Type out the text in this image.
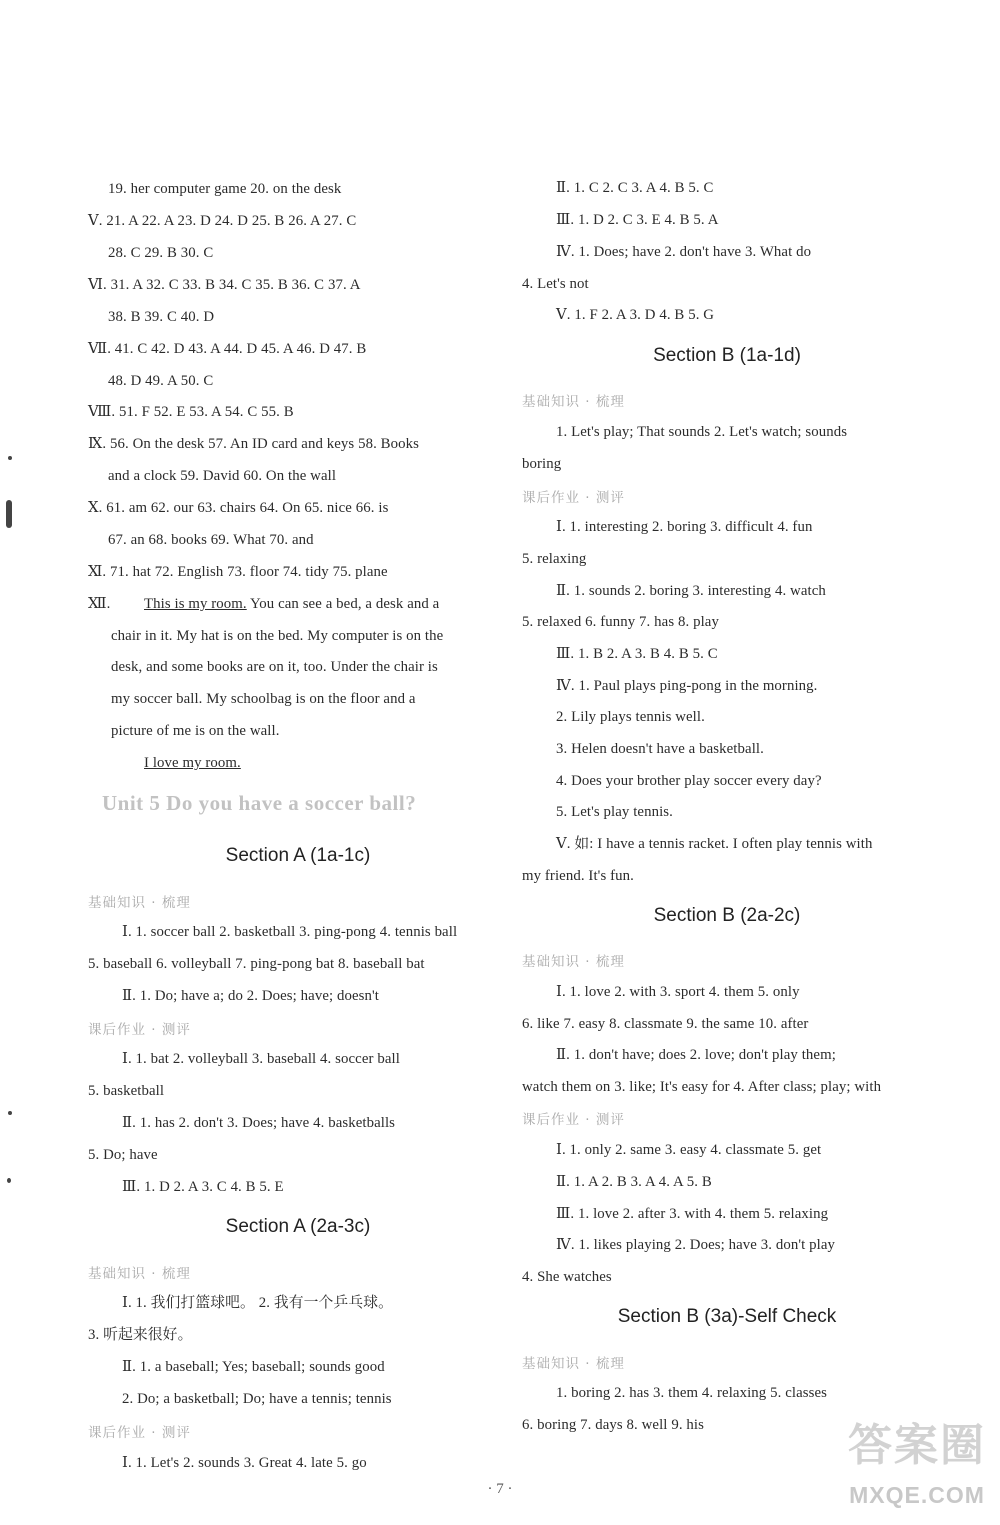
19. her computer game 20. on the desk
Ⅴ. 21. A 22. A 23. D 24. D 25. B 26. A 27. C
28. C 29. B 30. C
Ⅵ. 31. A 32. C 33. B 34. C 35. B 36. C 37. A
38. B 39. C 40. D
Ⅶ. 41. C 42. D 43. A 44. D 45. A 46. D 47. B
48. D 49. A 50. C
Ⅷ. 51. F 52. E 53. A 54. C 55. B
Ⅸ. 56. On the desk 57. An ID card and keys 58. Books
and a clock 59. David 60. On the wall
Ⅹ. 61. am 62. our 63. chairs 64. On 65. nice 66. is
67. an 68. books 69. What 70. and
Ⅺ. 71. hat 72. English 73. floor 74. tidy 75. plane
Ⅻ. This is my room. You can see a bed, a desk and a
chair in it. My hat is on the bed. My computer is on the
desk, and some books are on it, too. Under the chair is
my soccer ball. My schoolbag is on the floor and a
picture of me is on the wall.
I love my room.
Unit 5 Do you have a soccer ball?
Section A (1a-1c)
基础知识 · 梳理
Ⅰ. 1. soccer ball 2. basketball 3. ping-pong 4. tennis ball
5. baseball 6. volleyball 7. ping-pong bat 8. baseball bat
Ⅱ. 1. Do; have a; do 2. Does; have; doesn't
课后作业 · 测评
Ⅰ. 1. bat 2. volleyball 3. baseball 4. soccer ball
5. basketball
Ⅱ. 1. has 2. don't 3. Does; have 4. basketballs
5. Do; have
Ⅲ. 1. D 2. A 3. C 4. B 5. E
Section A (2a-3c)
基础知识 · 梳理
Ⅰ. 1. 我们打篮球吧。 2. 我有一个乒乓球。
3. 听起来很好。
Ⅱ. 1. a baseball; Yes; baseball; sounds good
2. Do; a basketball; Do; have a tennis; tennis
课后作业 · 测评
Ⅰ. 1. Let's 2. sounds 3. Great 4. late 5. go
Ⅱ. 1. C 2. C 3. A 4. B 5. C
Ⅲ. 1. D 2. C 3. E 4. B 5. A
Ⅳ. 1. Does; have 2. don't have 3. What do
4. Let's not
Ⅴ. 1. F 2. A 3. D 4. B 5. G
Section B (1a-1d)
基础知识 · 梳理
1. Let's play; That sounds 2. Let's watch; sounds
boring
课后作业 · 测评
Ⅰ. 1. interesting 2. boring 3. difficult 4. fun
5. relaxing
Ⅱ. 1. sounds 2. boring 3. interesting 4. watch
5. relaxed 6. funny 7. has 8. play
Ⅲ. 1. B 2. A 3. B 4. B 5. C
Ⅳ. 1. Paul plays ping-pong in the morning.
2. Lily plays tennis well.
3. Helen doesn't have a basketball.
4. Does your brother play soccer every day?
5. Let's play tennis.
Ⅴ. 如: I have a tennis racket. I often play tennis with
my friend. It's fun.
Section B (2a-2c)
基础知识 · 梳理
Ⅰ. 1. love 2. with 3. sport 4. them 5. only
6. like 7. easy 8. classmate 9. the same 10. after
Ⅱ. 1. don't have; does 2. love; don't play them;
watch them on 3. like; It's easy for 4. After class; play; with
课后作业 · 测评
Ⅰ. 1. only 2. same 3. easy 4. classmate 5. get
Ⅱ. 1. A 2. B 3. A 4. A 5. B
Ⅲ. 1. love 2. after 3. with 4. them 5. relaxing
Ⅳ. 1. likes playing 2. Does; have 3. don't play
4. She watches
Section B (3a)-Self Check
基础知识 · 梳理
1. boring 2. has 3. them 4. relaxing 5. classes
6. boring 7. days 8. well 9. his
· 7 ·
答案圈
MXQE.COM
